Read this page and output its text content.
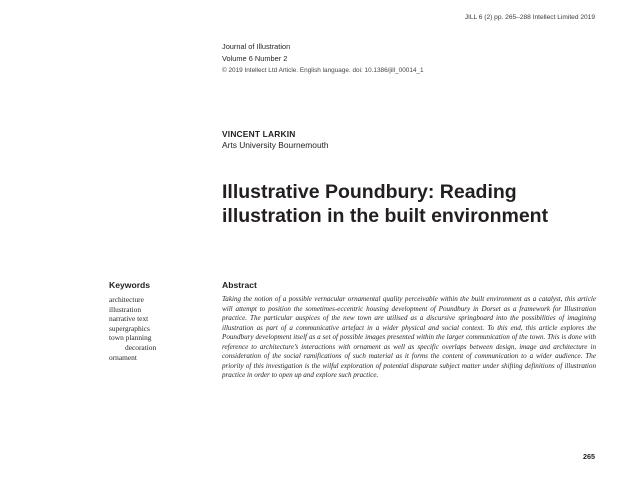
JILL 6 (2) pp. 265–288 Intellect Limited 2019
Journal of Illustration
Volume 6 Number 2
© 2019 Intellect Ltd Article. English language. doi: 10.1386/jill_00014_1
VINCENT LARKIN
Arts University Bournemouth
Illustrative Poundbury: Reading
illustration in the built environment
Keywords
architecture
illustration
narrative text
supergraphics
town planning
decoration
ornament
Abstract

Taking the notion of a possible vernacular ornamental quality perceivable within the built environment as a catalyst, this article will attempt to position the sometimes-eccentric housing development of Poundbury in Dorset as a framework for Illustration practice. The particular auspices of the new town are utilised as a discursive springboard into the possibilities of imagining illustration as part of a communicative artefact in a wider physical and social context. To this end, this article explores the Poundbury development itself as a set of possible images presented within the larger communication of the town. This is done with reference to architecture’s interactions with ornament as well as specific overlaps between design, image and architecture in consideration of the social ramifications of such material as it forms the content of communication to a wider audience. The priority of this investigation is the wilful exploration of potential disparate subject matter under shifting definitions of illustration practice in order to open up and explore such practice.

265
